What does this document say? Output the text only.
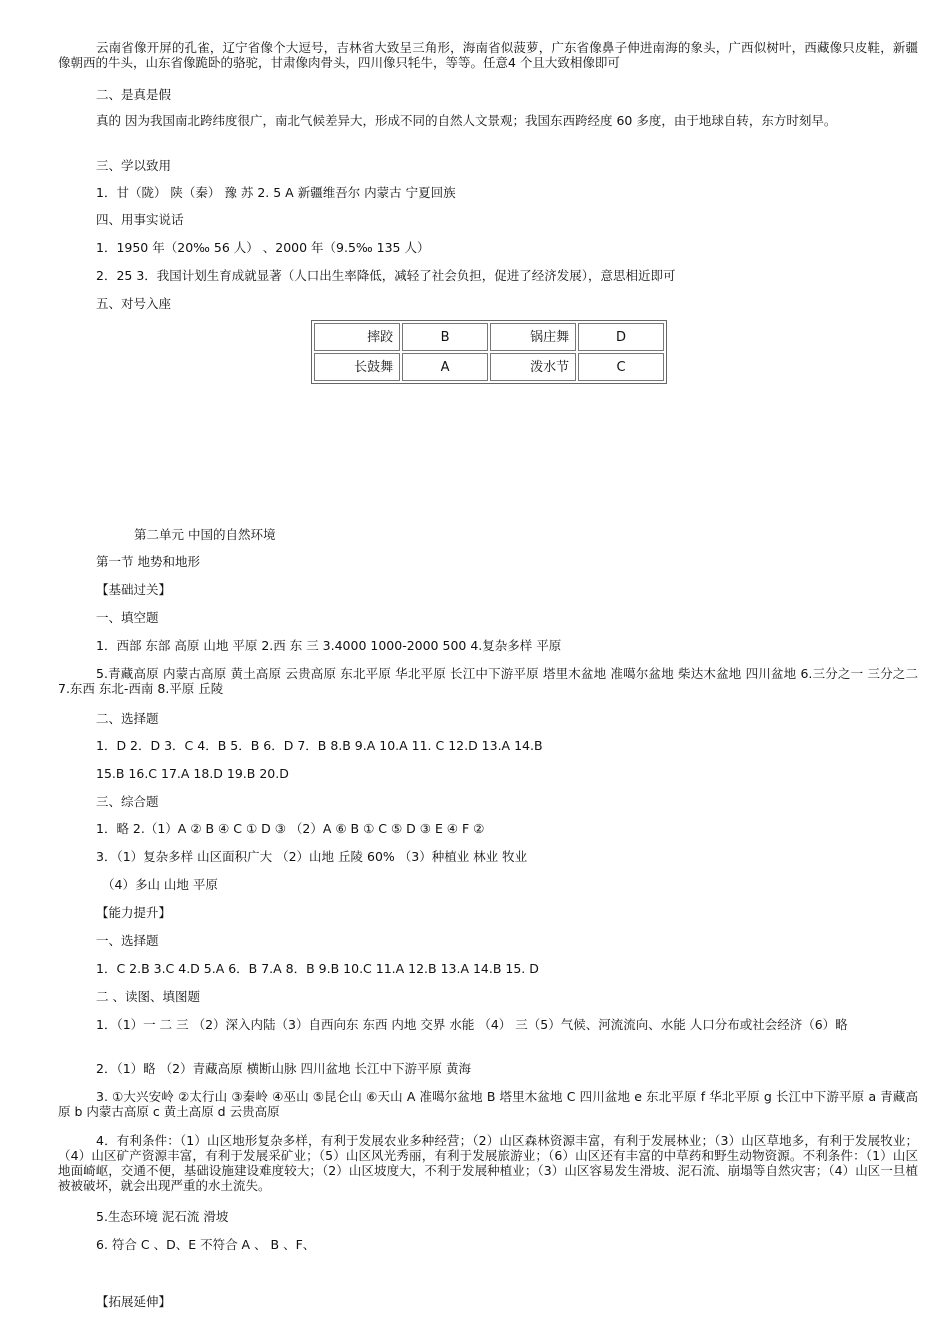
云南省像开屏的孔雀，辽宁省像个大逗号，吉林省大致呈三角形，海南省似菠萝，广东省像鼻子伸进南海的象头，广西似树叶，西藏像只皮鞋，新疆像朝西的牛头，山东省像跪卧的骆驼，甘肃像肉骨头，四川像只牦牛，等等。任意4 个且大致相像即可
二、是真是假
真的 因为我国南北跨纬度很广，南北气候差异大，形成不同的自然人文景观；我国东西跨经度 60 多度，由于地球自转，东方时刻早。
三、学以致用
1．甘（陇） 陕（秦） 豫 苏 2. 5 A 新疆维吾尔 内蒙古 宁夏回族
四、用事实说话
1．1950 年（20‰ 56 人） 、2000 年（9.5‰ 135 人）
2．25 3．我国计划生育成就显著（人口出生率降低，减轻了社会负担，促进了经济发展），意思相近即可
五、对号入座
摔跤	B	锅庄舞	D
长鼓舞	A	泼水节	C
第二单元 中国的自然环境
第一节 地势和地形
【基础过关】
一、填空题
1．西部 东部 高原 山地 平原 2.西 东 三 3.4000 1000-2000 500 4.复杂多样 平原
5.青藏高原 内蒙古高原 黄土高原 云贵高原 东北平原 华北平原 长江中下游平原 塔里木盆地 准噶尔盆地 柴达木盆地 四川盆地 6.三分之一 三分之二 7.东西 东北-西南 8.平原 丘陵
二、选择题
1．D 2．D 3．C 4．B 5．B 6．D 7．B 8.B 9.A 10.A 11. C 12.D 13.A 14.B
15.B 16.C 17.A 18.D 19.B 20.D
三、综合题
1．略 2.（1）A ② B ④ C ① D ③ （2）A ⑥ B ① C ⑤ D ③ E ④ F ②
3．（1）复杂多样 山区面积广大 （2）山地 丘陵 60% （3）种植业 林业 牧业
（4）多山 山地 平原
【能力提升】
一、选择题
1．C 2.B 3.C 4.D 5.A 6．B 7.A 8．B 9.B 10.C 11.A 12.B 13.A 14.B 15. D
二 、读图、填图题
1．（1）一 二 三 （2）深入内陆（3）自西向东 东西 内地 交界 水能 （4） 三（5）气候、河流流向、水能 人口分布或社会经济（6）略
2．（1）略 （2）青藏高原 横断山脉 四川盆地 长江中下游平原 黄海
3. ①大兴安岭 ②太行山 ③秦岭 ④巫山 ⑤昆仑山 ⑥天山 A 准噶尔盆地 B 塔里木盆地 C 四川盆地 e 东北平原 f 华北平原 g 长江中下游平原 a 青藏高原 b 内蒙古高原 c 黄土高原 d 云贵高原
4．有利条件：（1）山区地形复杂多样，有利于发展农业多种经营；（2）山区森林资源丰富，有利于发展林业；（3）山区草地多，有利于发展牧业；（4）山区矿产资源丰富，有利于发展采矿业；（5）山区风光秀丽，有利于发展旅游业；（6）山区还有丰富的中草药和野生动物资源。不利条件：（1）山区地面崎岖，交通不便，基础设施建设难度较大；（2）山区坡度大，不利于发展种植业；（3）山区容易发生滑坡、泥石流、崩塌等自然灾害；（4）山区一旦植被被破坏，就会出现严重的水土流失。
5.生态环境 泥石流 滑坡
6. 符合 C 、D、E 不符合 A 、 B 、F、
【拓展延伸】
